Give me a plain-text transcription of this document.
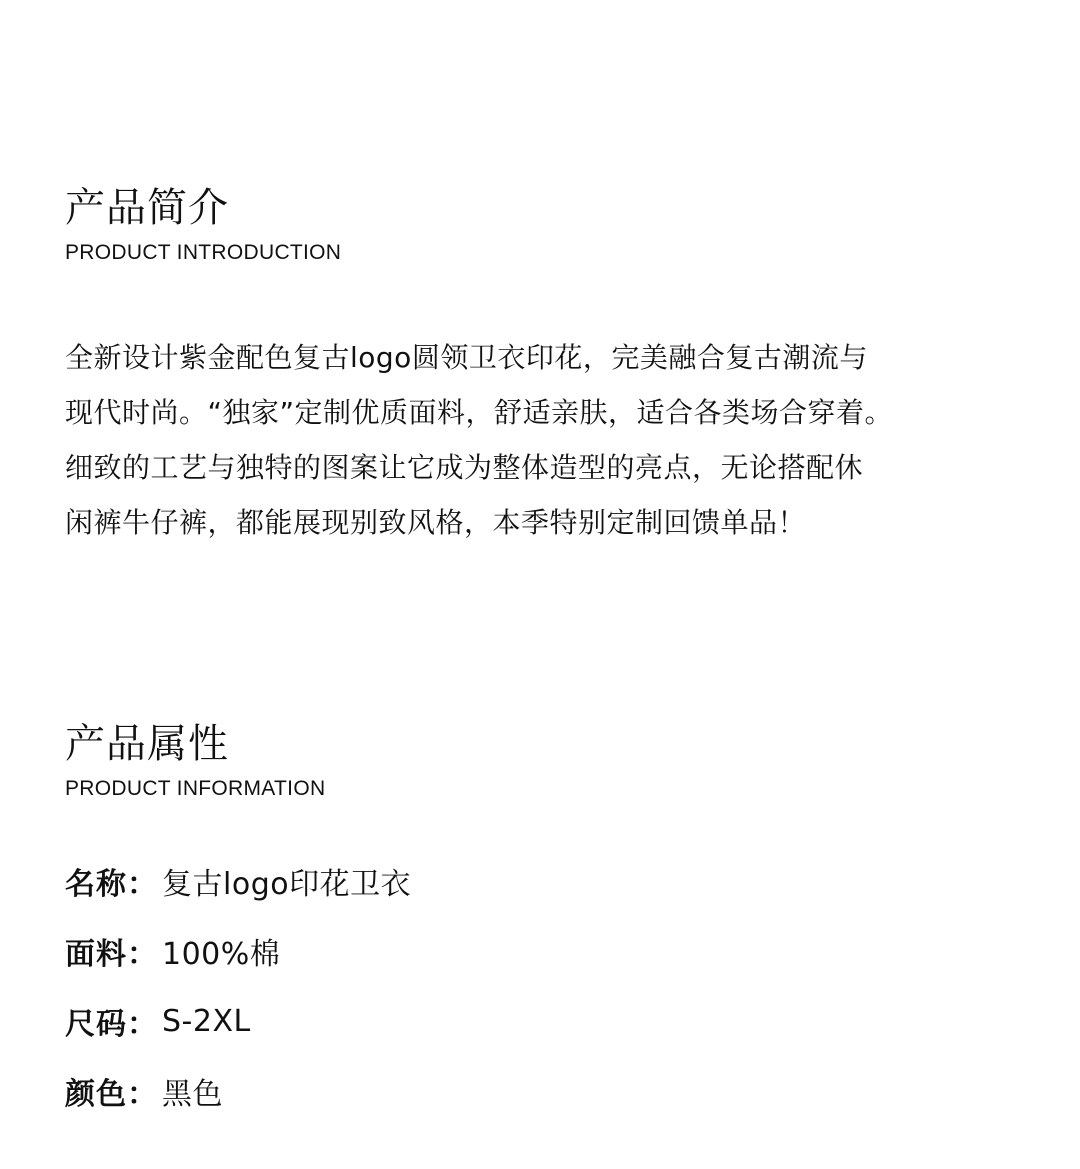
产品简介
PRODUCT INTRODUCTION
全新设计紫金配色复古logo圆领卫衣印花，完美融合复古潮流与
现代时尚。“独家”定制优质面料，舒适亲肤，适合各类场合穿着。
细致的工艺与独特的图案让它成为整体造型的亮点，无论搭配休
闲裤牛仔裤，都能展现别致风格，本季特别定制回馈单品！
产品属性
PRODUCT INFORMATION
名称： 复古logo印花卫衣
面料： 100%棉
尺码： S-2XL
颜色： 黑色
